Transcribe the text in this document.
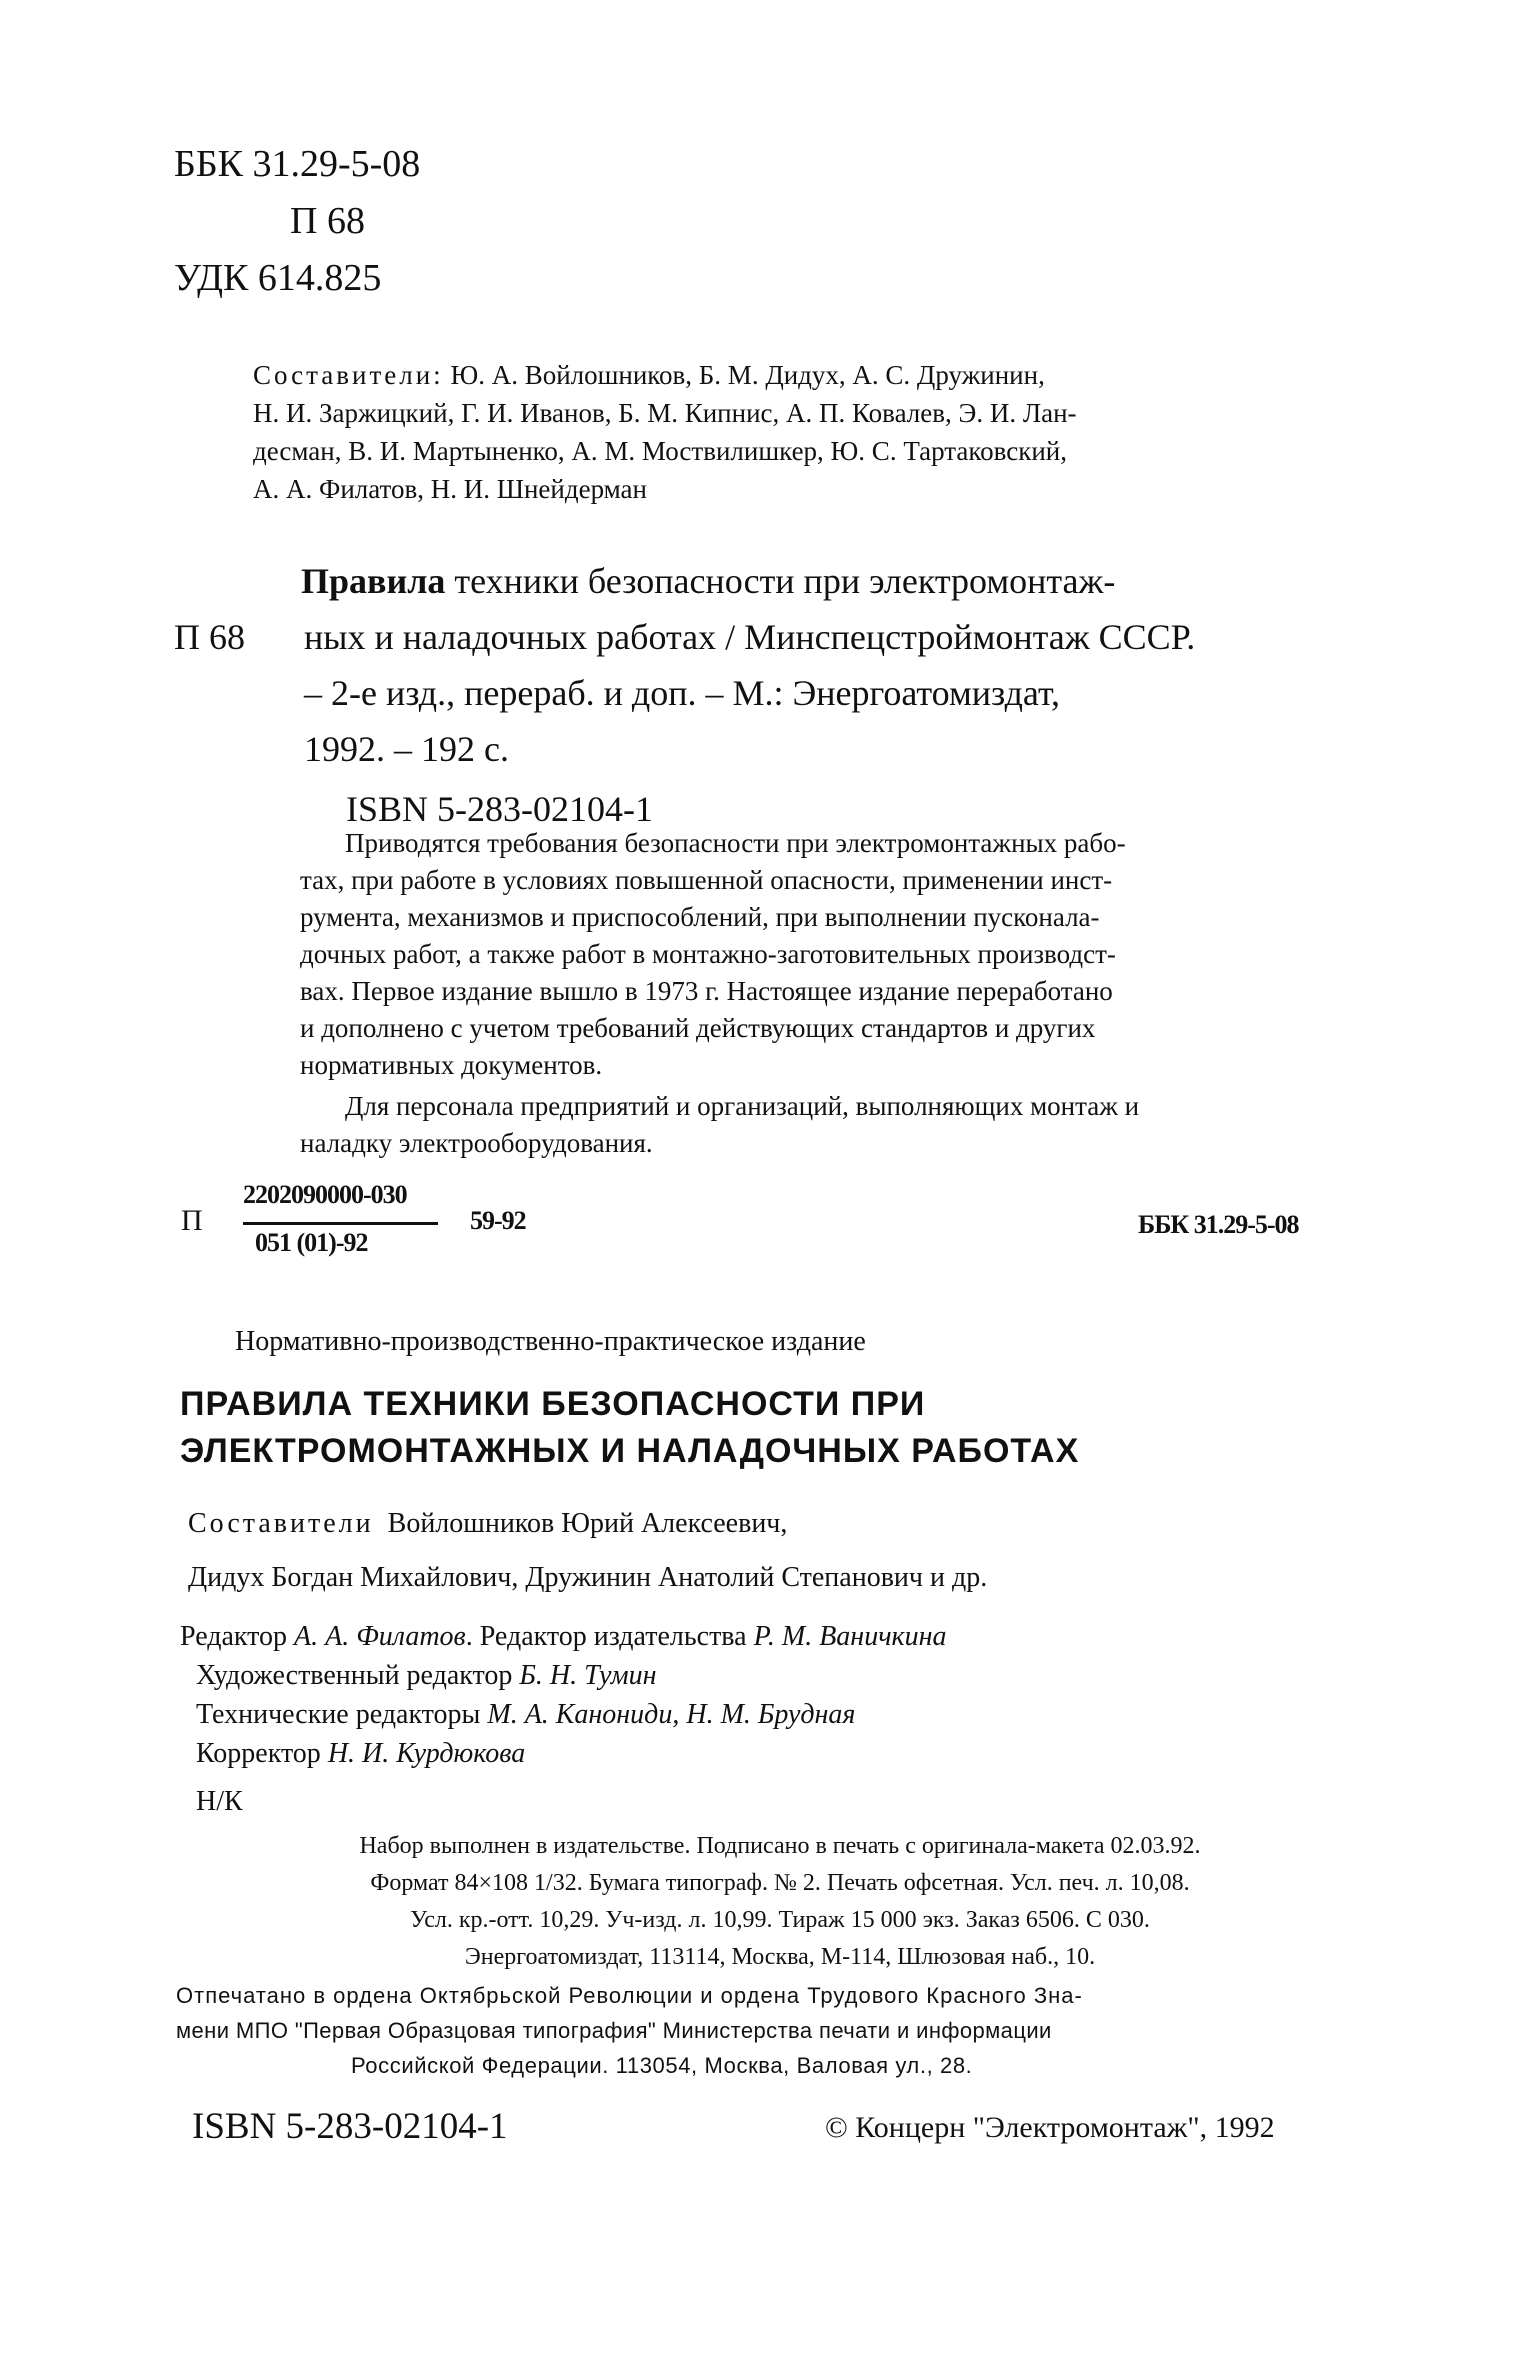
ББК 31.29-5-08
П 68
УДК 614.825
Составители: Ю. А. Войлошников, Б. М. Дидух, А. С. Дружинин,
Н. И. Заржицкий, Г. И. Иванов, Б. М. Кипнис, А. П. Ковалев, Э. И. Лан-
десман, В. И. Мартыненко, А. М. Моствилишкер, Ю. С. Тартаковский,
А. А. Филатов, Н. И. Шнейдерман
П 68
Правила техники безопасности при электромонтаж-
ных и наладочных работах / Минспецстроймонтаж СССР.
– 2-е изд., перераб. и доп. – М.: Энергоатомиздат,
1992. – 192 с.
ISBN 5-283-02104-1
Приводятся требования безопасности при электромонтажных рабо-
тах, при работе в условиях повышенной опасности, применении инст-
румента, механизмов и приспособлений, при выполнении пусконала-
дочных работ, а также работ в монтажно-заготовительных производст-
вах. Первое издание вышло в 1973 г. Настоящее издание переработано
и дополнено с учетом требований действующих стандартов и других
нормативных документов.
Для персонала предприятий и организаций, выполняющих монтаж и
наладку электрооборудования.
П
2202090000-030
051 (01)-92
59-92	ББК 31.29-5-08
Нормативно-производственно-практическое издание
ПРАВИЛА ТЕХНИКИ БЕЗОПАСНОСТИ ПРИ
ЭЛЕКТРОМОНТАЖНЫХ И НАЛАДОЧНЫХ РАБОТАХ
Составители Войлошников Юрий Алексеевич,
Дидух Богдан Михайлович, Дружинин Анатолий Степанович и др.
Редактор А. А. Филатов. Редактор издательства Р. М. Ваничкина
Художественный редактор Б. Н. Тумин
Технические редакторы М. А. Канониди, Н. М. Брудная
Корректор Н. И. Курдюкова
Н/К
Набор выполнен в издательстве. Подписано в печать с оригинала-макета 02.03.92.
Формат 84×108 1/32. Бумага типограф. № 2. Печать офсетная. Усл. печ. л. 10,08.
Усл. кр.-отт. 10,29. Уч-изд. л. 10,99. Тираж 15 000 экз. Заказ 6506. С 030.
Энергоатомиздат, 113114, Москва, М-114, Шлюзовая наб., 10.
Отпечатано в ордена Октябрьской Революции и ордена Трудового Красного Зна-
мени МПО "Первая Образцовая типография" Министерства печати и информации
Российской Федерации. 113054, Москва, Валовая ул., 28.
ISBN 5-283-02104-1	© Концерн "Электромонтаж", 1992
